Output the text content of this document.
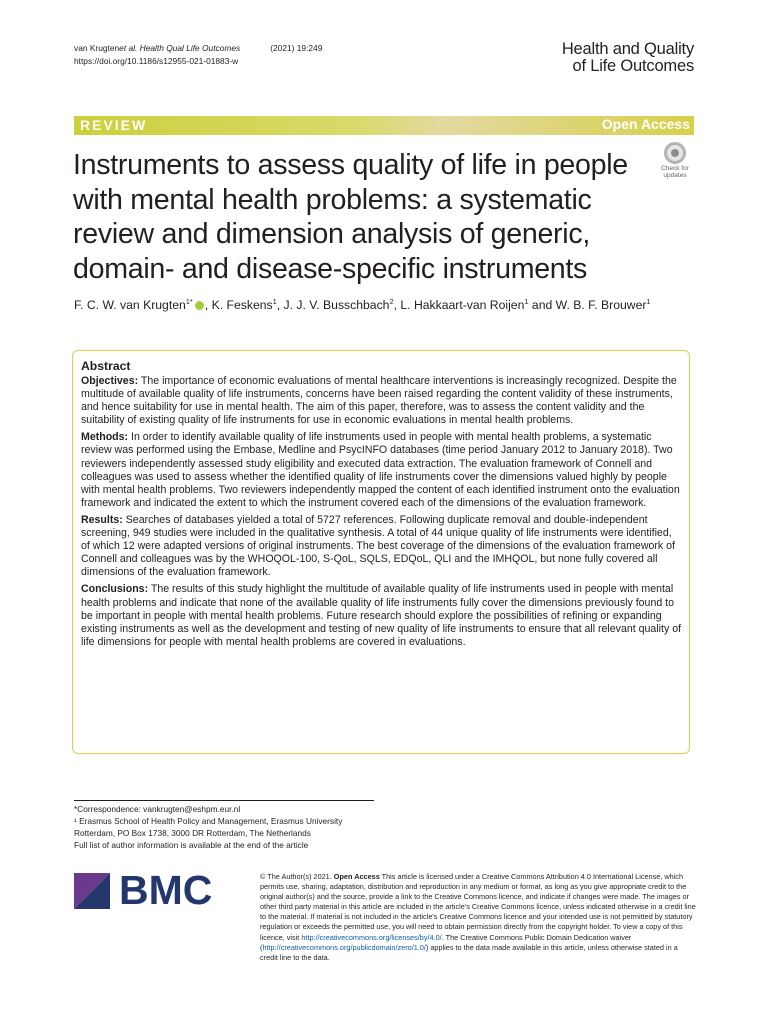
van Krugtenet al. Health Qual Life Outcomes	(2021) 19:249
https://doi.org/10.1186/s12955-021-01883-w
Health and Quality
of Life Outcomes
REVIEW	Open Access
Instruments to assess quality of life in people with mental health problems: a systematic review and dimension analysis of generic, domain- and disease-specific instruments
Check for
updates
F. C. W. van Krugten$^{1*}$ , K. Feskens$^1$, J. J. V. Busschbach$^2$, L. Hakkaart-van Roijen$^1$ and W. B. F. Brouwer$^1$
Abstract
Objectives: The importance of economic evaluations of mental healthcare interventions is increasingly recognized. Despite the multitude of available quality of life instruments, concerns have been raised regarding the content validity of these instruments, and hence suitability for use in mental health. The aim of this paper, therefore, was to assess the content validity and the suitability of existing quality of life instruments for use in economic evaluations in mental health problems.
Methods: In order to identify available quality of life instruments used in people with mental health problems, a systematic review was performed using the Embase, Medline and PsycINFO databases (time period January 2012 to January 2018). Two reviewers independently assessed study eligibility and executed data extraction. The evaluation framework of Connell and colleagues was used to assess whether the identified quality of life instruments cover the dimensions valued highly by people with mental health problems. Two reviewers independently mapped the content of each identified instrument onto the evaluation framework and indicated the extent to which the instrument covered each of the dimensions of the evaluation framework.
Results: Searches of databases yielded a total of 5727 references. Following duplicate removal and double-independent screening, 949 studies were included in the qualitative synthesis. A total of 44 unique quality of life instruments were identified, of which 12 were adapted versions of original instruments. The best coverage of the dimensions of the evaluation framework of Connell and colleagues was by the WHOQOL-100, S-QoL, SQLS, EDQoL, QLI and the IMHQOL, but none fully covered all dimensions of the evaluation framework.
Conclusions: The results of this study highlight the multitude of available quality of life instruments used in people with mental health problems and indicate that none of the available quality of life instruments fully cover the dimensions previously found to be important in people with mental health problems. Future research should explore the possibilities of refining or expanding existing instruments as well as the development and testing of new quality of life instruments to ensure that all relevant quality of life dimensions for people with mental health problems are covered in evaluations.
*Correspondence: vankrugten@eshpm.eur.nl
¹ Erasmus School of Health Policy and Management, Erasmus University
Rotterdam, PO Box 1738, 3000 DR Rotterdam, The Netherlands
Full list of author information is available at the end of the article
BMC	© The Author(s) 2021. Open Access This article is licensed under a Creative Commons Attribution 4.0 International License, which permits use, sharing, adaptation, distribution and reproduction in any medium or format, as long as you give appropriate credit to the original author(s) and the source, provide a link to the Creative Commons licence, and indicate if changes were made. The images or other third party material in this article are included in the article's Creative Commons licence, unless indicated otherwise in a credit line to the material. If material is not included in the article's Creative Commons licence and your intended use is not permitted by statutory regulation or exceeds the permitted use, you will need to obtain permission directly from the copyright holder. To view a copy of this licence, visit http://creativecommons.org/licenses/by/4.0/. The Creative Commons Public Domain Dedication waiver (http://creativecommons.org/publicdomain/zero/1.0/) applies to the data made available in this article, unless otherwise stated in a credit line to the data.
